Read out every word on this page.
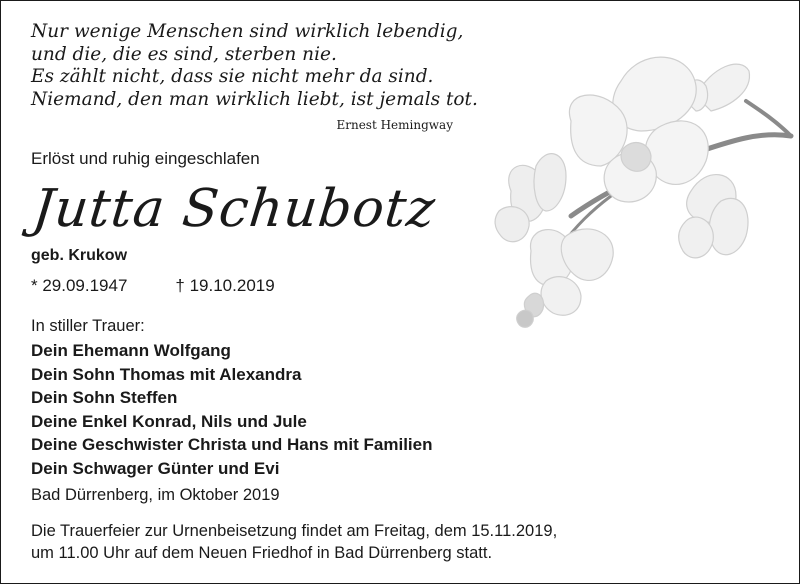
Nur wenige Menschen sind wirklich lebendig,
und die, die es sind, sterben nie.
Es zählt nicht, dass sie nicht mehr da sind.
Niemand, den man wirklich liebt, ist jemals tot.
Ernest Hemingway
Erlöst und ruhig eingeschlafen
Jutta Schubotz
geb. Krukow
* 29.09.1947	† 19.10.2019
In stiller Trauer:
Dein Ehemann Wolfgang
Dein Sohn Thomas mit Alexandra
Dein Sohn Steffen
Deine Enkel Konrad, Nils und Jule
Deine Geschwister Christa und Hans mit Familien
Dein Schwager Günter und Evi
Bad Dürrenberg, im Oktober 2019
Die Trauerfeier zur Urnenbeisetzung findet am Freitag, dem 15.11.2019,
um 11.00 Uhr auf dem Neuen Friedhof in Bad Dürrenberg statt.
